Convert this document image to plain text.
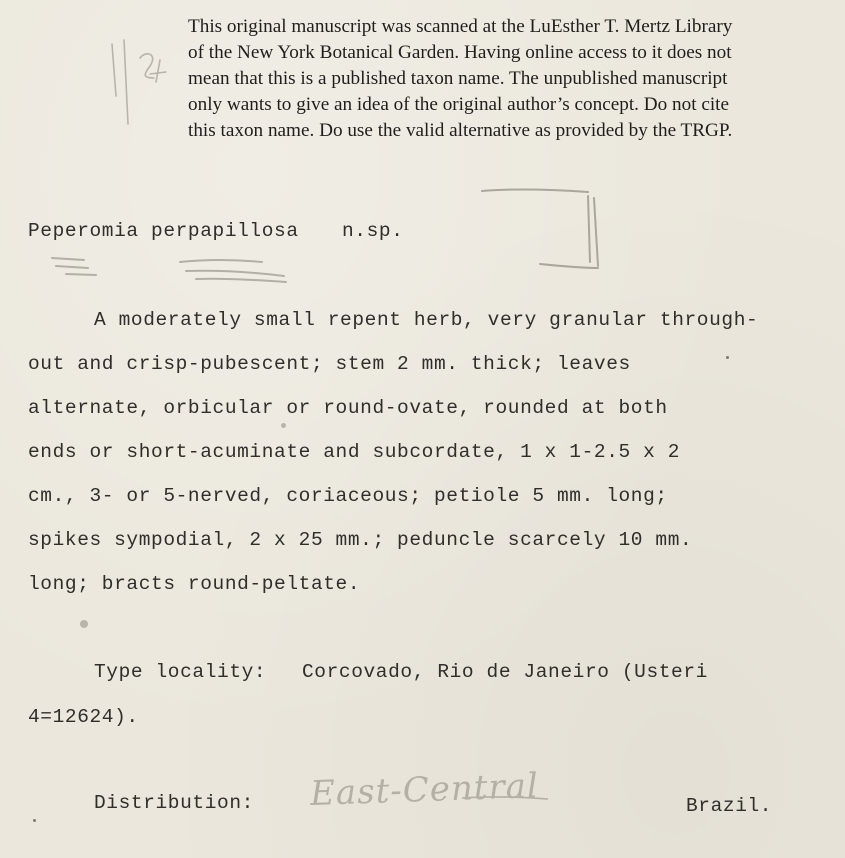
This original manuscript was scanned at the LuEsther T. Mertz Library
of the New York Botanical Garden. Having online access to it does not
mean that this is a published taxon name. The unpublished manuscript
only wants to give an idea of the original author’s concept. Do not cite
this taxon name. Do use the valid alternative as provided by the TRGP.
Peperomia perpapillosa n.sp.
A moderately small repent herb, very granular through-
out and crisp-pubescent; stem 2 mm. thick; leaves
alternate, orbicular or round-ovate, rounded at both
ends or short-acuminate and subcordate, 1 x 1-2.5 x 2
cm., 3- or 5-nerved, coriaceous; petiole 5 mm. long;
spikes sympodial, 2 x 25 mm.; peduncle scarcely 10 mm.
long; bracts round-peltate.
Type locality: Corcovado, Rio de Janeiro (Usteri
4=12624).
Distribution: East-Central	Brazil.
